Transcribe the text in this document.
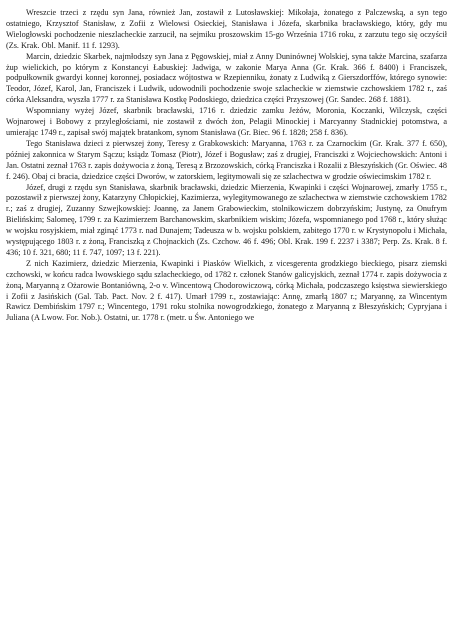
Wreszcie trzeci z rzędu syn Jana, również Jan, zostawił z Lutosławskiej: Mikołaja, żonatego z Palczewską, a syn tego ostatniego, Krzysztof Stanisław, z Zofii z Wielowsi Osieckiej, Stanisława i Józefa, skarbnika bracławskiego, który, gdy mu Wielogłowski pochodzenie nieszlacheckie zarzucił, na sejmiku proszowskim 15-go Września 1716 roku, z zarzutu tego się oczyścił (Zs. Krak. Obl. Manif. 11 f. 1293).

Marcin, dziedzic Skarbek, najmłodszy syn Jana z Pęgowskiej, miał z Anny Duninównej Wolskiej, syna także Marcina, szafarza żup wielickich, po którym z Konstancyi Łabuskiej: Jadwiga, w zakonie Marya Anna (Gr. Krak. 366 f. 8400) i Franciszek, podpułkownik gwardyi konnej koronnej, posiadacz wójtostwa w Rzepienniku, żonaty z Ludwiką z Gierszdorffów, którego synowie: Teodor, Józef, Karol, Jan, Franciszek i Ludwik, udowodnili pochodzenie swoje szlacheckie w ziemstwie czchowskiem 1782 r., zaś córka Aleksandra, wyszła 1777 r. za Stanisława Kostkę Podoskiego, dziedzica części Przyszowej (Gr. Sandec. 268 f. 1881).

Wspomniany wyżej Józef, skarbnik bracławski, 1716 r. dziedzic zamku Jeżów, Moronia, Koczanki, Wilczysk, części Wojnarowej i Bobowy z przyległościami, nie zostawił z dwóch żon, Pelagii Minockiej i Marcyanny Stadnickiej potomstwa, a umierając 1749 r., zapisał swój majątek bratankom, synom Stanisława (Gr. Biec. 96 f. 1828; 258 f. 836).

Tego Stanisława dzieci z pierwszej żony, Teresy z Grabkowskich: Maryanna, 1763 r. za Czarnockim (Gr. Krak. 377 f. 650), później zakonnica w Starym Sączu; ksiądz Tomasz (Piotr), Józef i Bogusław; zaś z drugiej, Franciszki z Wojciechowskich: Antoni i Jan. Ostatni zeznał 1763 r. zapis dożywocia z żoną, Teresą z Brzozowskich, córką Franciszka i Rozalii z Błeszyńskich (Gr. Oświec. 48 f. 246). Obaj ci bracia, dziedzice części Dworów, w zatorskiem, legitymowali się ze szlachectwa w grodzie oświecimskim 1782 r.

Józef, drugi z rzędu syn Stanisława, skarbnik bracławski, dziedzic Mierzenia, Kwapinki i części Wojnarowej, zmarły 1755 r., pozostawił z pierwszej żony, Katarzyny Chłopickiej, Kazimierza, wylegitymowanego ze szlachectwa w ziemstwie czchowskiem 1782 r.; zaś z drugiej, Zuzanny Szwejkowskiej: Joannę, za Janem Grabowieckim, stolnikowiczem dobrzyńskim; Justynę, za Onufrym Bielińskim; Salomeę, 1799 r. za Kazimierzem Barchanowskim, skarbnikiem wiskim; Józefa, wspomnianego pod 1768 r., który służąc w wojsku rosyjskiem, miał zginąć 1773 r. nad Dunajem; Tadeusza w b. wojsku polskiem, zabitego 1770 r. w Krystynopolu i Michała, występującego 1803 r. z żoną, Franciszką z Chojnackich (Zs. Czchow. 46 f. 496; Obl. Krak. 199 f. 2237 i 3387; Perp. Zs. Krak. 8 f. 436; 10 f. 321, 680; 11 f. 747, 1097; 13 f. 221).

Z nich Kazimierz, dziedzic Mierzenia, Kwapinki i Piasków Wielkich, z vicesgerenta grodzkiego bieckiego, pisarz ziemski czchowski, w końcu radca lwowskiego sądu szlacheckiego, od 1782 r. członek Stanów galicyjskich, zeznał 1774 r. zapis dożywocia z żoną, Maryanną z Ożarowie Bontaniówną, 2-o v. Wincentową Chodorowiczową, córką Michała, podczaszego księstwa siewierskiego i Zofii z Jasińskich (Gal. Tab. Pact. Nov. 2 f. 417). Umarł 1799 r., zostawiając: Annę, zmarłą 1807 r.; Maryannę, za Wincentym Rawicz Dembińskim 1797 r.; Wincentego, 1791 roku stolnika nowogrodzkiego, żonatego z Maryanną z Błeszyńskich; Cypryjana i Juliana (A Lwow. For. Nob.). Ostatni, ur. 1778 r. (metr. u Św. Antoniego we
